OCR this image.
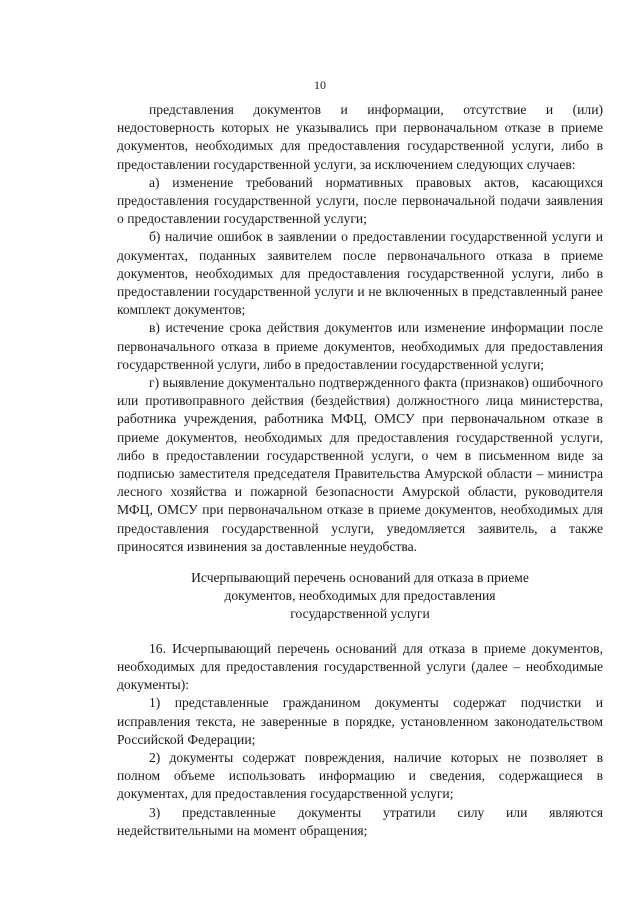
10

представления документов и информации, отсутствие и (или) недостоверность которых не указывались при первоначальном отказе в приеме документов, необходимых для предоставления государственной услуги, либо в предоставлении государственной услуги, за исключением следующих случаев:

а) изменение требований нормативных правовых актов, касающихся предоставления государственной услуги, после первоначальной подачи заявления о предоставлении государственной услуги;

б) наличие ошибок в заявлении о предоставлении государственной услуги и документах, поданных заявителем после первоначального отказа в приеме документов, необходимых для предоставления государственной услуги, либо в предоставлении государственной услуги и не включенных в представленный ранее комплект документов;

в) истечение срока действия документов или изменение информации после первоначального отказа в приеме документов, необходимых для предоставления государственной услуги, либо в предоставлении государственной услуги;

г) выявление документально подтвержденного факта (признаков) ошибочного или противоправного действия (бездействия) должностного лица министерства, работника учреждения, работника МФЦ, ОМСУ при первоначальном отказе в приеме документов, необходимых для предоставления государственной услуги, либо в предоставлении государственной услуги, о чем в письменном виде за подписью заместителя председателя Правительства Амурской области – министра лесного хозяйства и пожарной безопасности Амурской области, руководителя МФЦ, ОМСУ при первоначальном отказе в приеме документов, необходимых для предоставления государственной услуги, уведомляется заявитель, а также приносятся извинения за доставленные неудобства.

Исчерпывающий перечень оснований для отказа в приеме
документов, необходимых для предоставления
государственной услуги

16. Исчерпывающий перечень оснований для отказа в приеме документов, необходимых для предоставления государственной услуги (далее – необходимые документы):

1) представленные гражданином документы содержат подчистки и исправления текста, не заверенные в порядке, установленном законодательством Российской Федерации;

2) документы содержат повреждения, наличие которых не позволяет в полном объеме использовать информацию и сведения, содержащиеся в документах, для предоставления государственной услуги;

3) представленные документы утратили силу или являются недействительными на момент обращения;
